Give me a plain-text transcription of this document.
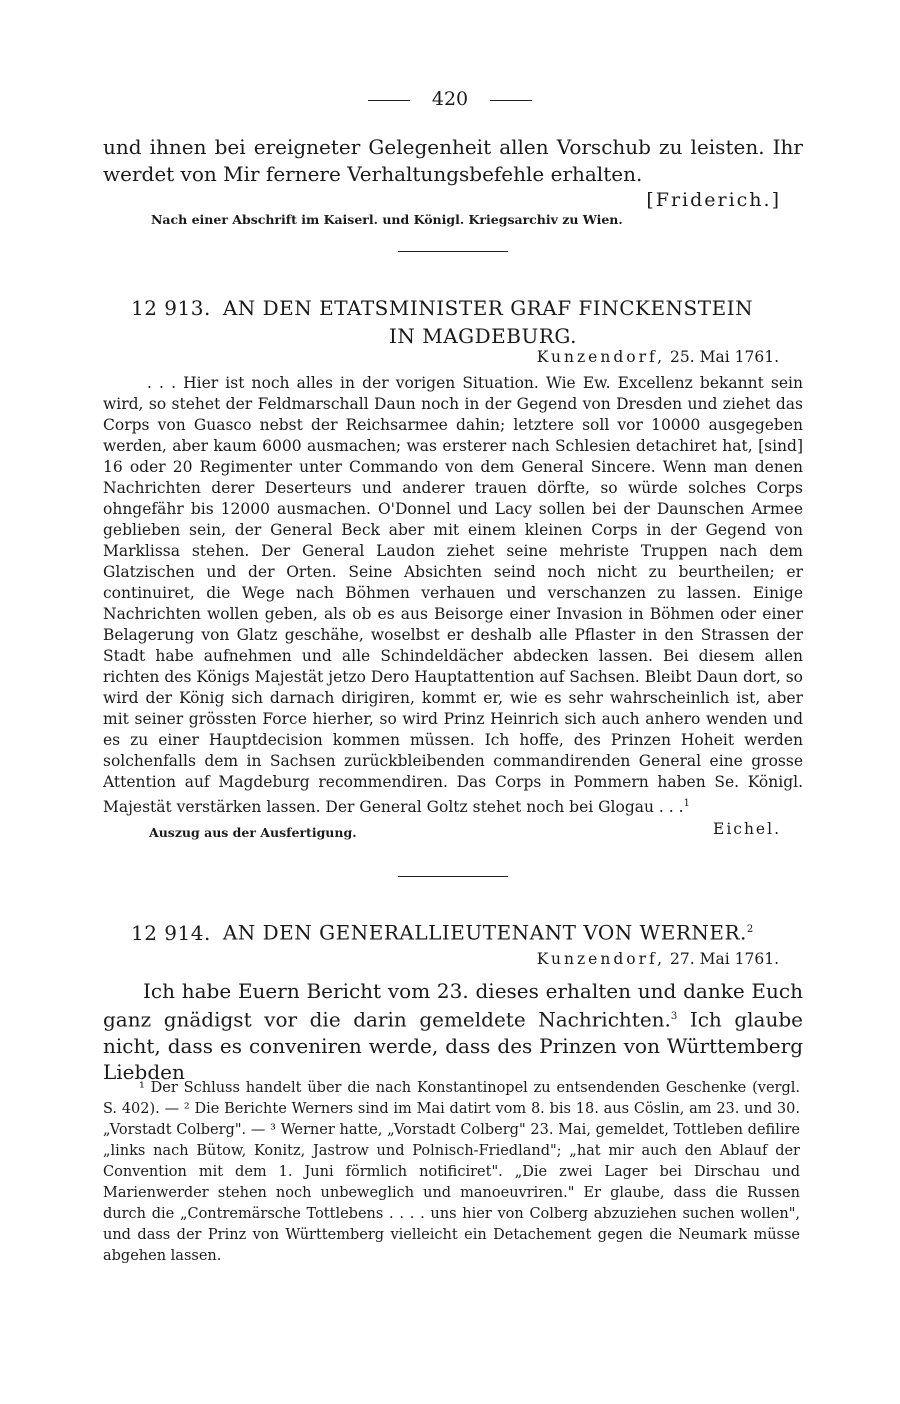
420

und ihnen bei ereigneter Gelegenheit allen Vorschub zu leisten. Ihr

werdet von Mir fernere Verhaltungsbefehle erhalten.

[Friderich.]
Nach einer Abschrift im Kaiserl. und Königl. Kriegsarchiv zu Wien.
12 913. AN DEN ETATSMINISTER GRAF FINCKENSTEIN
IN MAGDEBURG.
Kunzendorf, 25. Mai 1761.

. . . Hier ist noch alles in der vorigen Situation. Wie Ew. Excellenz bekannt sein wird, so stehet der Feldmarschall Daun noch in der Gegend von Dresden und ziehet das Corps von Guasco nebst der Reichsarmee dahin; letztere soll vor 10000 ausgegeben werden, aber kaum 6000 ausmachen; was ersterer nach Schlesien detachiret hat, [sind] 16 oder 20 Regimenter unter Commando von dem General Sincere. Wenn man denen Nachrichten derer Deserteurs und anderer trauen dörfte, so würde solches Corps ohngefähr bis 12000 ausmachen. O'Donnel und Lacy sollen bei der Daunschen Armee geblieben sein, der General Beck aber mit einem kleinen Corps in der Gegend von Marklissa stehen. Der General Laudon ziehet seine mehriste Truppen nach dem Glatzischen und der Orten. Seine Absichten seind noch nicht zu beurtheilen; er continuiret, die Wege nach Böhmen verhauen und verschanzen zu lassen. Einige Nachrichten wollen geben, als ob es aus Beisorge einer Invasion in Böhmen oder einer Belagerung von Glatz geschähe, woselbst er deshalb alle Pflaster in den Strassen der Stadt habe aufnehmen und alle Schindeldächer abdecken lassen. Bei diesem allen richten des Königs Majestät jetzo Dero Hauptattention auf Sachsen. Bleibt Daun dort, so wird der König sich darnach dirigiren, kommt er, wie es sehr wahrscheinlich ist, aber mit seiner grössten Force hierher, so wird Prinz Heinrich sich auch anhero wenden und es zu einer Hauptdecision kommen müssen. Ich hoffe, des Prinzen Hoheit werden solchenfalls dem in Sachsen zurückbleibenden commandirenden General eine grosse Attention auf Magdeburg recommendiren. Das Corps in Pommern haben Se. Königl. Majestät verstärken lassen. Der General Goltz stehet noch bei Glogau . . .$^1$

Auszug aus der Ausfertigung.	Eichel.
12 914. AN DEN GENERALLIEUTENANT VON WERNER.$^2$
Kunzendorf, 27. Mai 1761.

Ich habe Euern Bericht vom 23. dieses erhalten und danke Euch ganz gnädigst vor die darin gemeldete Nachrichten.$^3$ Ich glaube nicht, dass es conveniren werde, dass des Prinzen von Württemberg Liebden

¹ Der Schluss handelt über die nach Konstantinopel zu entsendenden Geschenke (vergl. S. 402). — ² Die Berichte Werners sind im Mai datirt vom 8. bis 18. aus Cöslin, am 23. und 30. „Vorstadt Colberg". — ³ Werner hatte, „Vorstadt Colberg" 23. Mai, gemeldet, Tottleben defilire „links nach Bütow, Konitz, Jastrow und Polnisch-Friedland"; „hat mir auch den Ablauf der Convention mit dem 1. Juni förmlich notificiret". „Die zwei Lager bei Dirschau und Marienwerder stehen noch unbeweglich und manoeuvriren." Er glaube, dass die Russen durch die „Contremärsche Tottlebens . . . . uns hier von Colberg abzuziehen suchen wollen", und dass der Prinz von Württemberg vielleicht ein Detachement gegen die Neumark müsse abgehen lassen.
